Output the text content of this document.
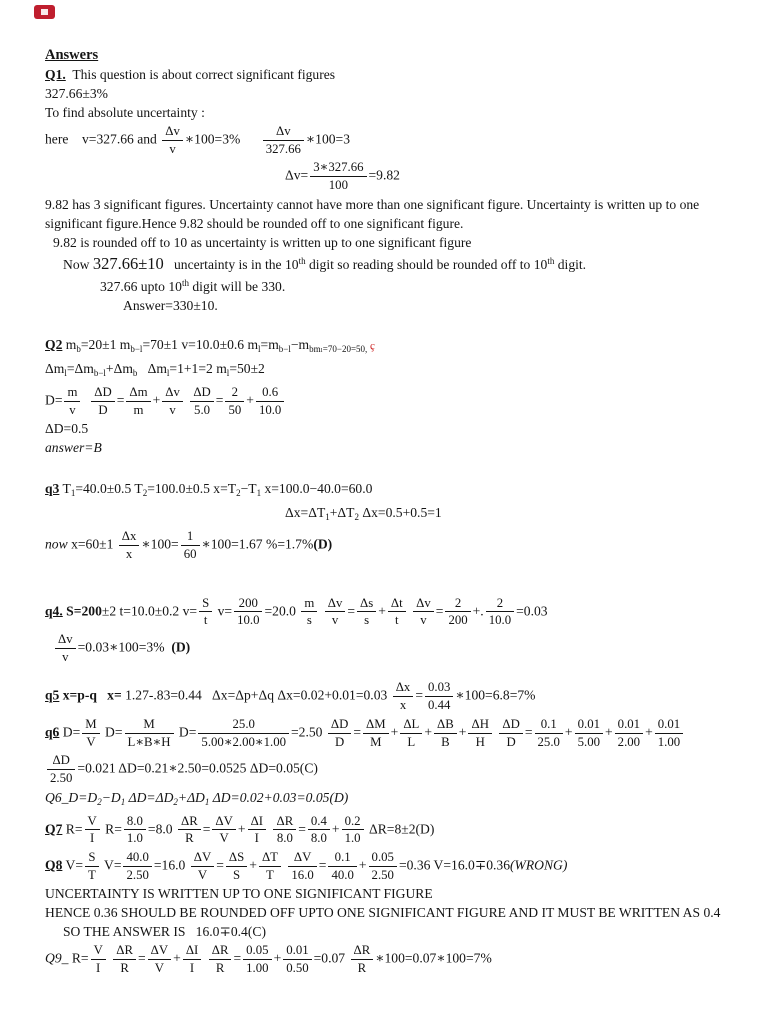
Answers
Q1.  This question is about correct significant figures
327.66±3%
To find absolute uncertainty :
here    v=327.66 and $\frac{\Delta v}{v}$ ∗100=3% $\frac{\Delta v}{327.66}$ ∗100=3
$\Delta v= \frac{3∗327.66}{100} =9.82$
9.82 has 3 significant figures. Uncertainty cannot have more than one significant figure. Uncertainty is written up to one significant figure.Hence 9.82 should be rounded off to one significant figure.
9.82 is rounded off to 10 as uncertainty is written up to one significant figure
Now 327.66±10   uncertainty is in the 10th digit so reading should be rounded off to 10th digit.
327.66 upto 10th digit will be 330.
Answer=330±10.
Q2 $m_b=20\pm 1$ $m_{b-l}=70\pm 1$ v=10.0±0.6 $m_l=m_{b-l}-m_{bm_l=70-20=50,}$ ҫ
$\Delta m_l=\Delta m_{b-l}+\Delta m_b$   $\Delta m_l=1+1=2$ $m_l=50\pm 2$
$D= \frac{m}{v}$
$\frac{\Delta D}{D} = \frac{\Delta m}{m} + \frac{\Delta v}{v}$
$\frac{\Delta D}{5.0} = \frac{2}{50} + \frac{0.6}{10.0}$
ΔD=0.5
answer=B
q3 $T_1=40.0\pm 0.5$ $T_2=100.0\pm 0.5$ $x=T_2-T_1$ x=100.0−40.0=60.0
$\Delta x=\Delta T_1+\Delta T_2$ Δx=0.5+0.5=1
now $x=60\pm 1 \frac{\Delta x}{x}$ ∗100= $\frac{1}{60}$ ∗100=1.67 %=1.7%(D)
q4. S=200±2 t=10.0±0.2 $v= \frac{S}{t} v= \frac{200}{10.0} =20.0 \frac{m}{s}$
$\frac{\Delta v}{v} = \frac{\Delta s}{s} + \frac{\Delta t}{t}$
$\frac{\Delta v}{v} = \frac{2}{200}$ +. $\frac{2}{10.0} =0.03$
$\frac{\Delta v}{v}$ =0.03∗100=3%  (D)
q5 x=p-q   x= 1.27-.83=0.44   Δx=Δp+Δq $\Delta x=0.02+0.01=0.03 \frac{\Delta x}{x} = \frac{0.03}{0.44}$ ∗100=6.8=7%
q6 $D= \frac{M}{V} D= \frac{M}{L∗B∗H} D= \frac{25.0}{5.00∗2.00∗1.00} =2.50 \frac{\Delta D}{D} = \frac{\Delta M}{M} + \frac{\Delta L}{L} + \frac{\Delta B}{B} + \frac{\Delta H}{H}$
$\frac{\Delta D}{D} = \frac{0.1}{25.0} + \frac{0.01}{5.00} + \frac{0.01}{2.00} + \frac{0.01}{1.00}$
$\frac{\Delta D}{2.50} =0.021$ ΔD=0.21∗2.50=0.0525 ΔD=0.05(C)
$Q6\_D=D_2-D_1$ $\Delta D=\Delta D_2+\Delta D_1$ ΔD=0.02+0.03=0.05(D)
Q7 $R= \frac{V}{I} R= \frac{8.0}{1.0} =8.0 \frac{\Delta R}{R} = \frac{\Delta V}{V} + \frac{\Delta I}{I}$
$\frac{\Delta R}{8.0} = \frac{0.4}{8.0} + \frac{0.2}{1.0} \Delta R=8\pm 2(D)$
Q8 $V= \frac{S}{T} V= \frac{40.0}{2.50} =16.0 \frac{\Delta V}{V} = \frac{\Delta S}{S} + \frac{\Delta T}{T}$
$\frac{\Delta V}{16.0} = \frac{0.1}{40.0} + \frac{0.05}{2.50} =0.36$ V=16.0∓0.36(WRONG)
UNCERTAINTY IS WRITTEN UP TO ONE SIGNIFICANT FIGURE
HENCE 0.36 SHOULD BE ROUNDED OFF UPTO ONE SIGNIFICANT FIGURE AND IT MUST BE WRITTEN AS 0.4
SO THE ANSWER IS   16.0∓0.4(C)
Q9_ $R= \frac{V}{I}$
$\frac{\Delta R}{R} = \frac{\Delta V}{V} + \frac{\Delta I}{I}$
$\frac{\Delta R}{R} = \frac{0.05}{1.00} + \frac{0.01}{0.50} =0.07 \frac{\Delta R}{R}$ ∗100=0.07∗100=7%
